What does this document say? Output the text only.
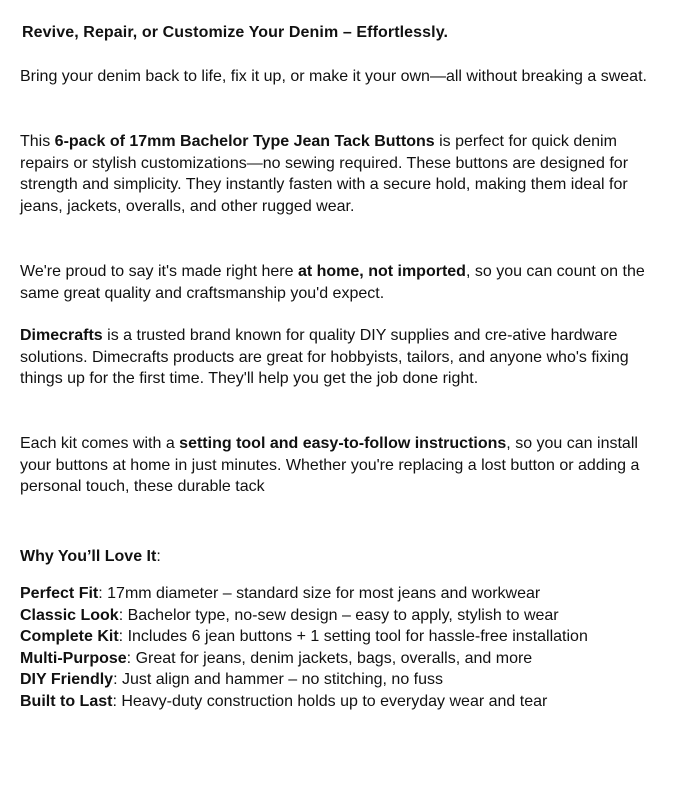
Revive, Repair, or Customize Your Denim – Effortlessly.

Bring your denim back to life, fix it up, or make it your own—all without breaking a sweat.

This 6-pack of 17mm Bachelor Type Jean Tack Buttons is perfect for quick denim repairs or stylish customizations—no sewing required. These buttons are designed for strength and simplicity. They instantly fasten with a secure hold, making them ideal for jeans, jackets, overalls, and other rugged wear.

We're proud to say it's made right here at home, not imported, so you can count on the same great quality and craftsmanship you'd expect.

Dimecrafts is a trusted brand known for quality DIY supplies and cre-ative hardware solutions. Dimecrafts products are great for hobbyists, tailors, and anyone who's fixing things up for the first time. They'll help you get the job done right.

Each kit comes with a setting tool and easy-to-follow instructions, so you can install your buttons at home in just minutes. Whether you're replacing a lost button or adding a personal touch, these durable tack

Why You’ll Love It:
Perfect Fit : 17mm diameter – standard size for most jeans and workwear
Classic Look : Bachelor type, no-sew design – easy to apply, stylish to wear
Complete Kit : Includes 6 jean buttons + 1 setting tool for hassle-free installation
Multi-Purpose : Great for jeans, denim jackets, bags, overalls, and more
DIY Friendly : Just align and hammer – no stitching, no fuss
Built to Last : Heavy-duty construction holds up to everyday wear and tear
